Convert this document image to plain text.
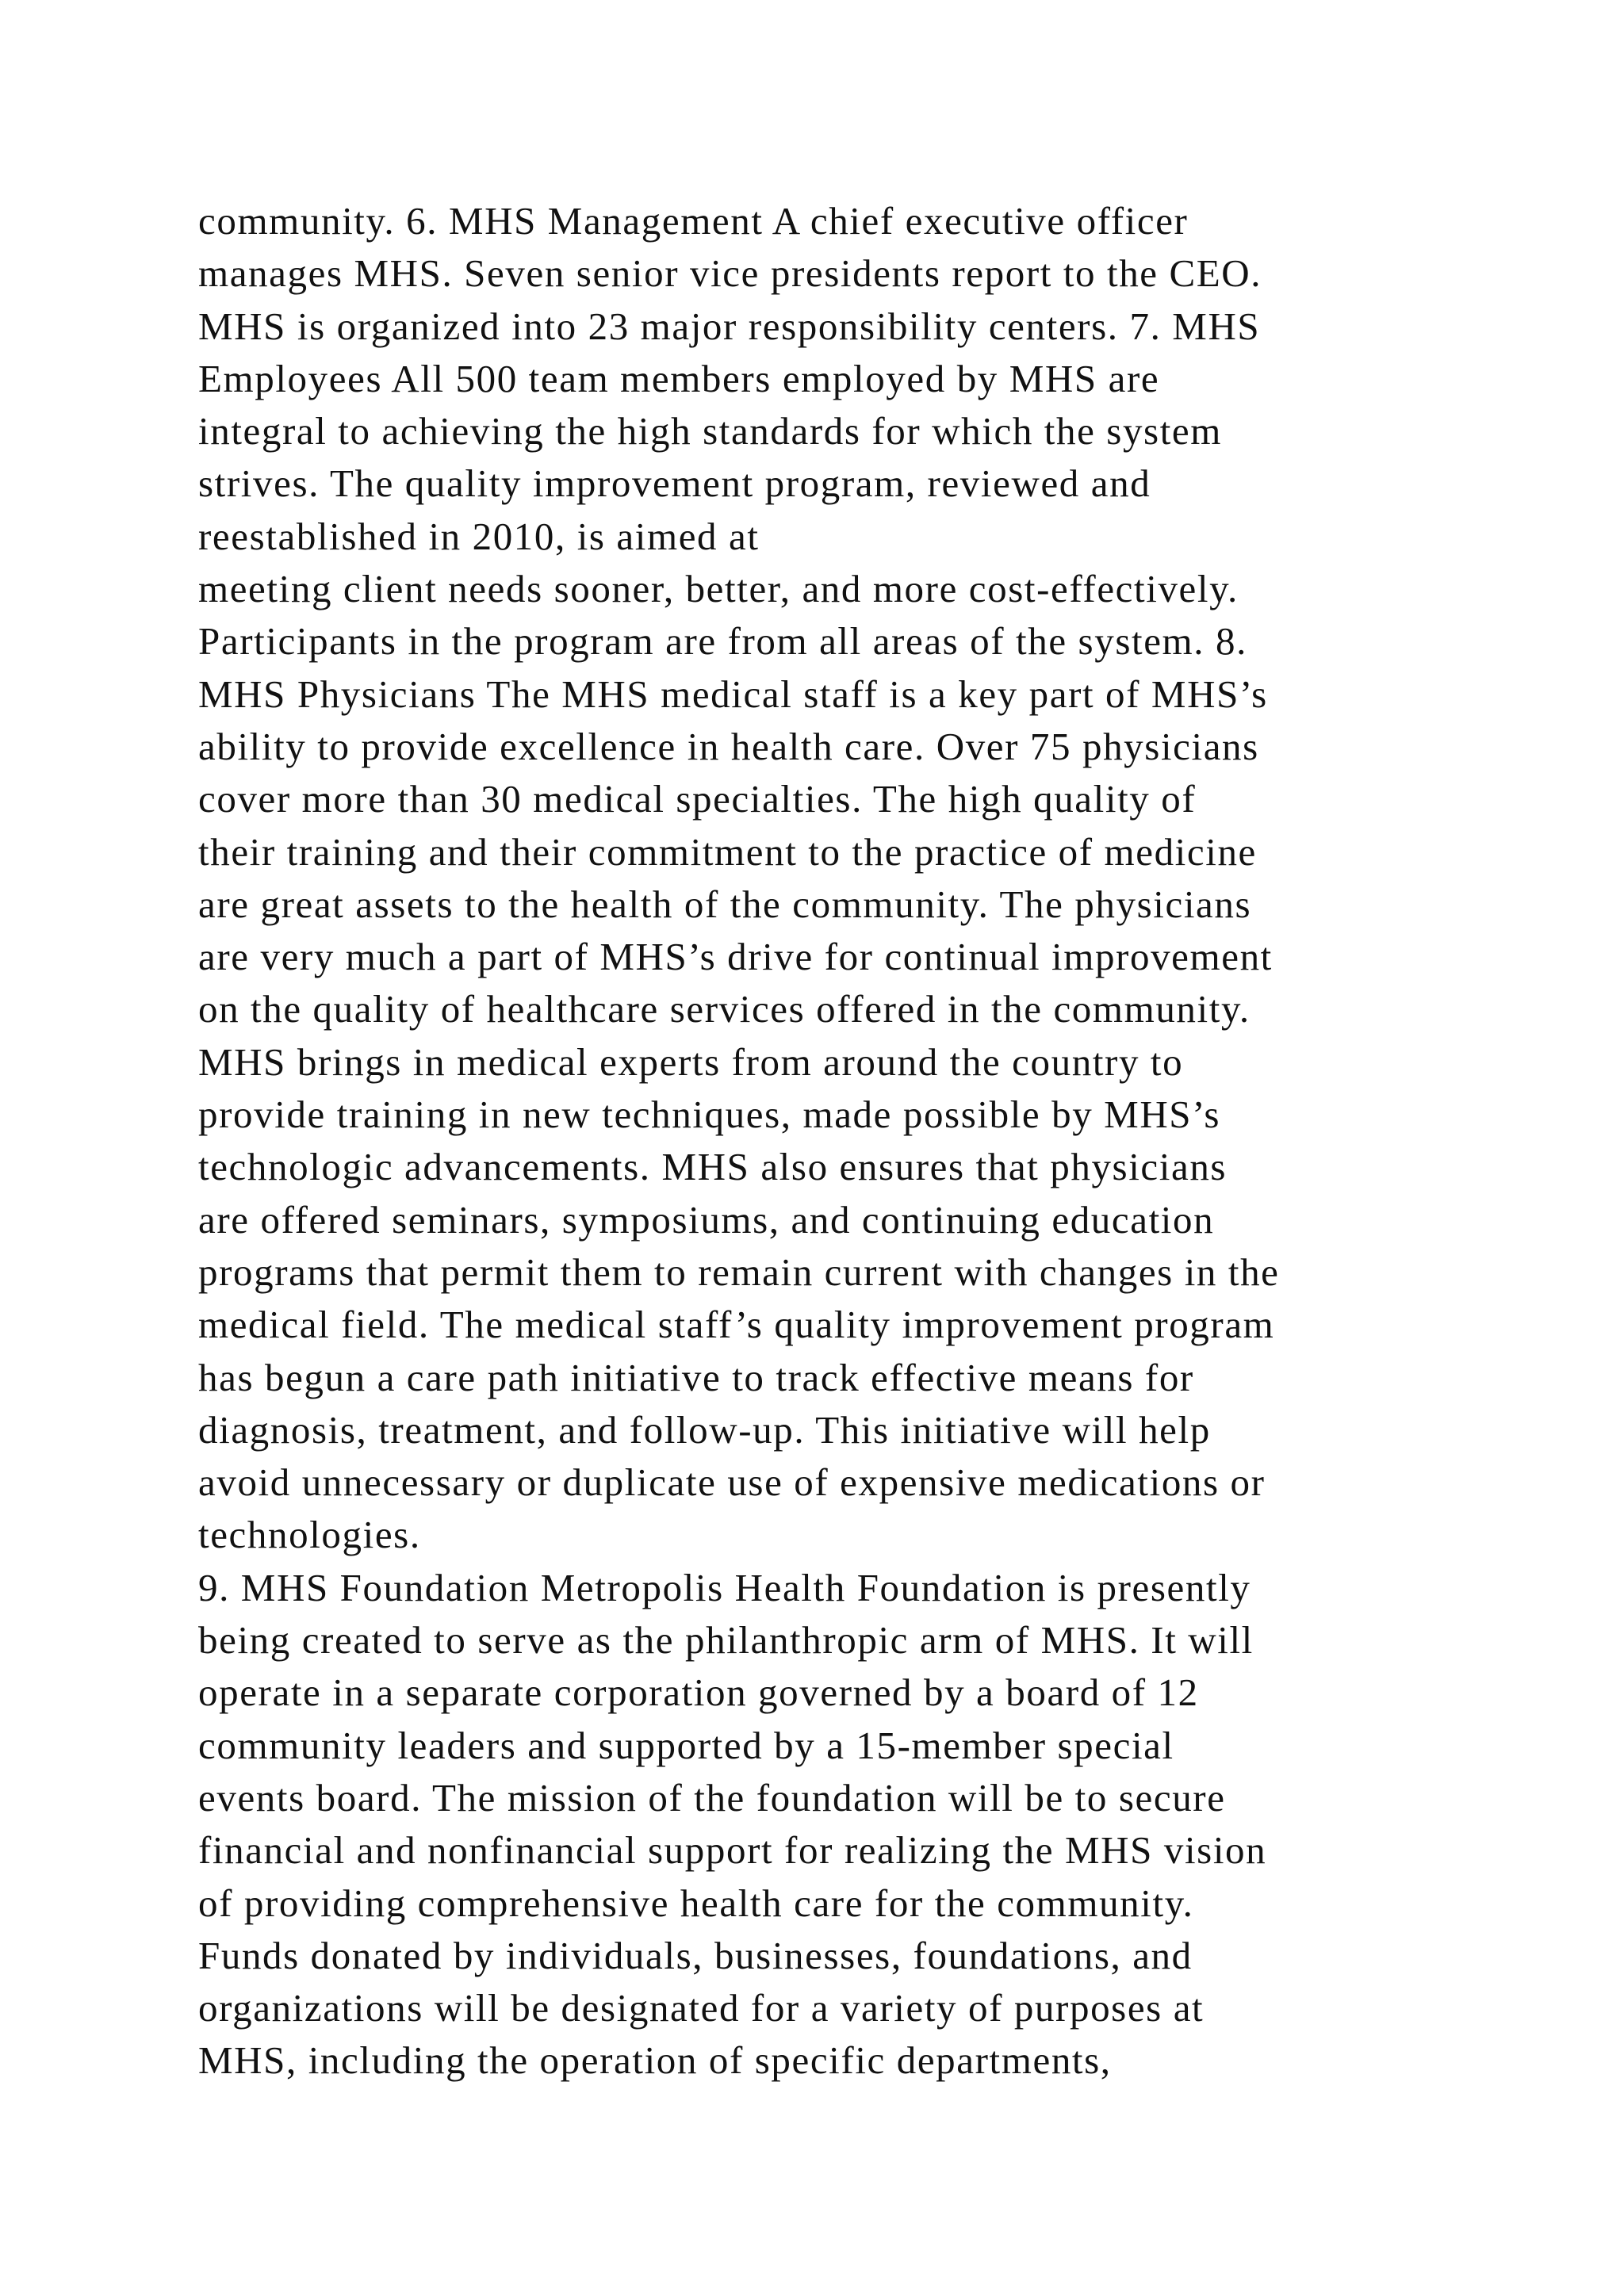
community. 6. MHS Management A chief executive officer
manages MHS. Seven senior vice presidents report to the CEO.
MHS is organized into 23 major responsibility centers. 7. MHS
Employees All 500 team members employed by MHS are
integral to achieving the high standards for which the system
strives. The quality improvement program, reviewed and
reestablished in 2010, is aimed at
meeting client needs sooner, better, and more cost-effectively.
Participants in the program are from all areas of the system. 8.
MHS Physicians The MHS medical staff is a key part of MHS’s
ability to provide excellence in health care. Over 75 physicians
cover more than 30 medical specialties. The high quality of
their training and their commitment to the practice of medicine
are great assets to the health of the community. The physicians
are very much a part of MHS’s drive for continual improvement
on the quality of healthcare services offered in the community.
MHS brings in medical experts from around the country to
provide training in new techniques, made possible by MHS’s
technologic advancements. MHS also ensures that physicians
are offered seminars, symposiums, and continuing education
programs that permit them to remain current with changes in the
medical field. The medical staff’s quality improvement program
has begun a care path initiative to track effective means for
diagnosis, treatment, and follow-up. This initiative will help
avoid unnecessary or duplicate use of expensive medications or
technologies.
9. MHS Foundation Metropolis Health Foundation is presently
being created to serve as the philanthropic arm of MHS. It will
operate in a separate corporation governed by a board of 12
community leaders and supported by a 15-member special
events board. The mission of the foundation will be to secure
financial and nonfinancial support for realizing the MHS vision
of providing comprehensive health care for the community.
Funds donated by individuals, businesses, foundations, and
organizations will be designated for a variety of purposes at
MHS, including the operation of specific departments,
